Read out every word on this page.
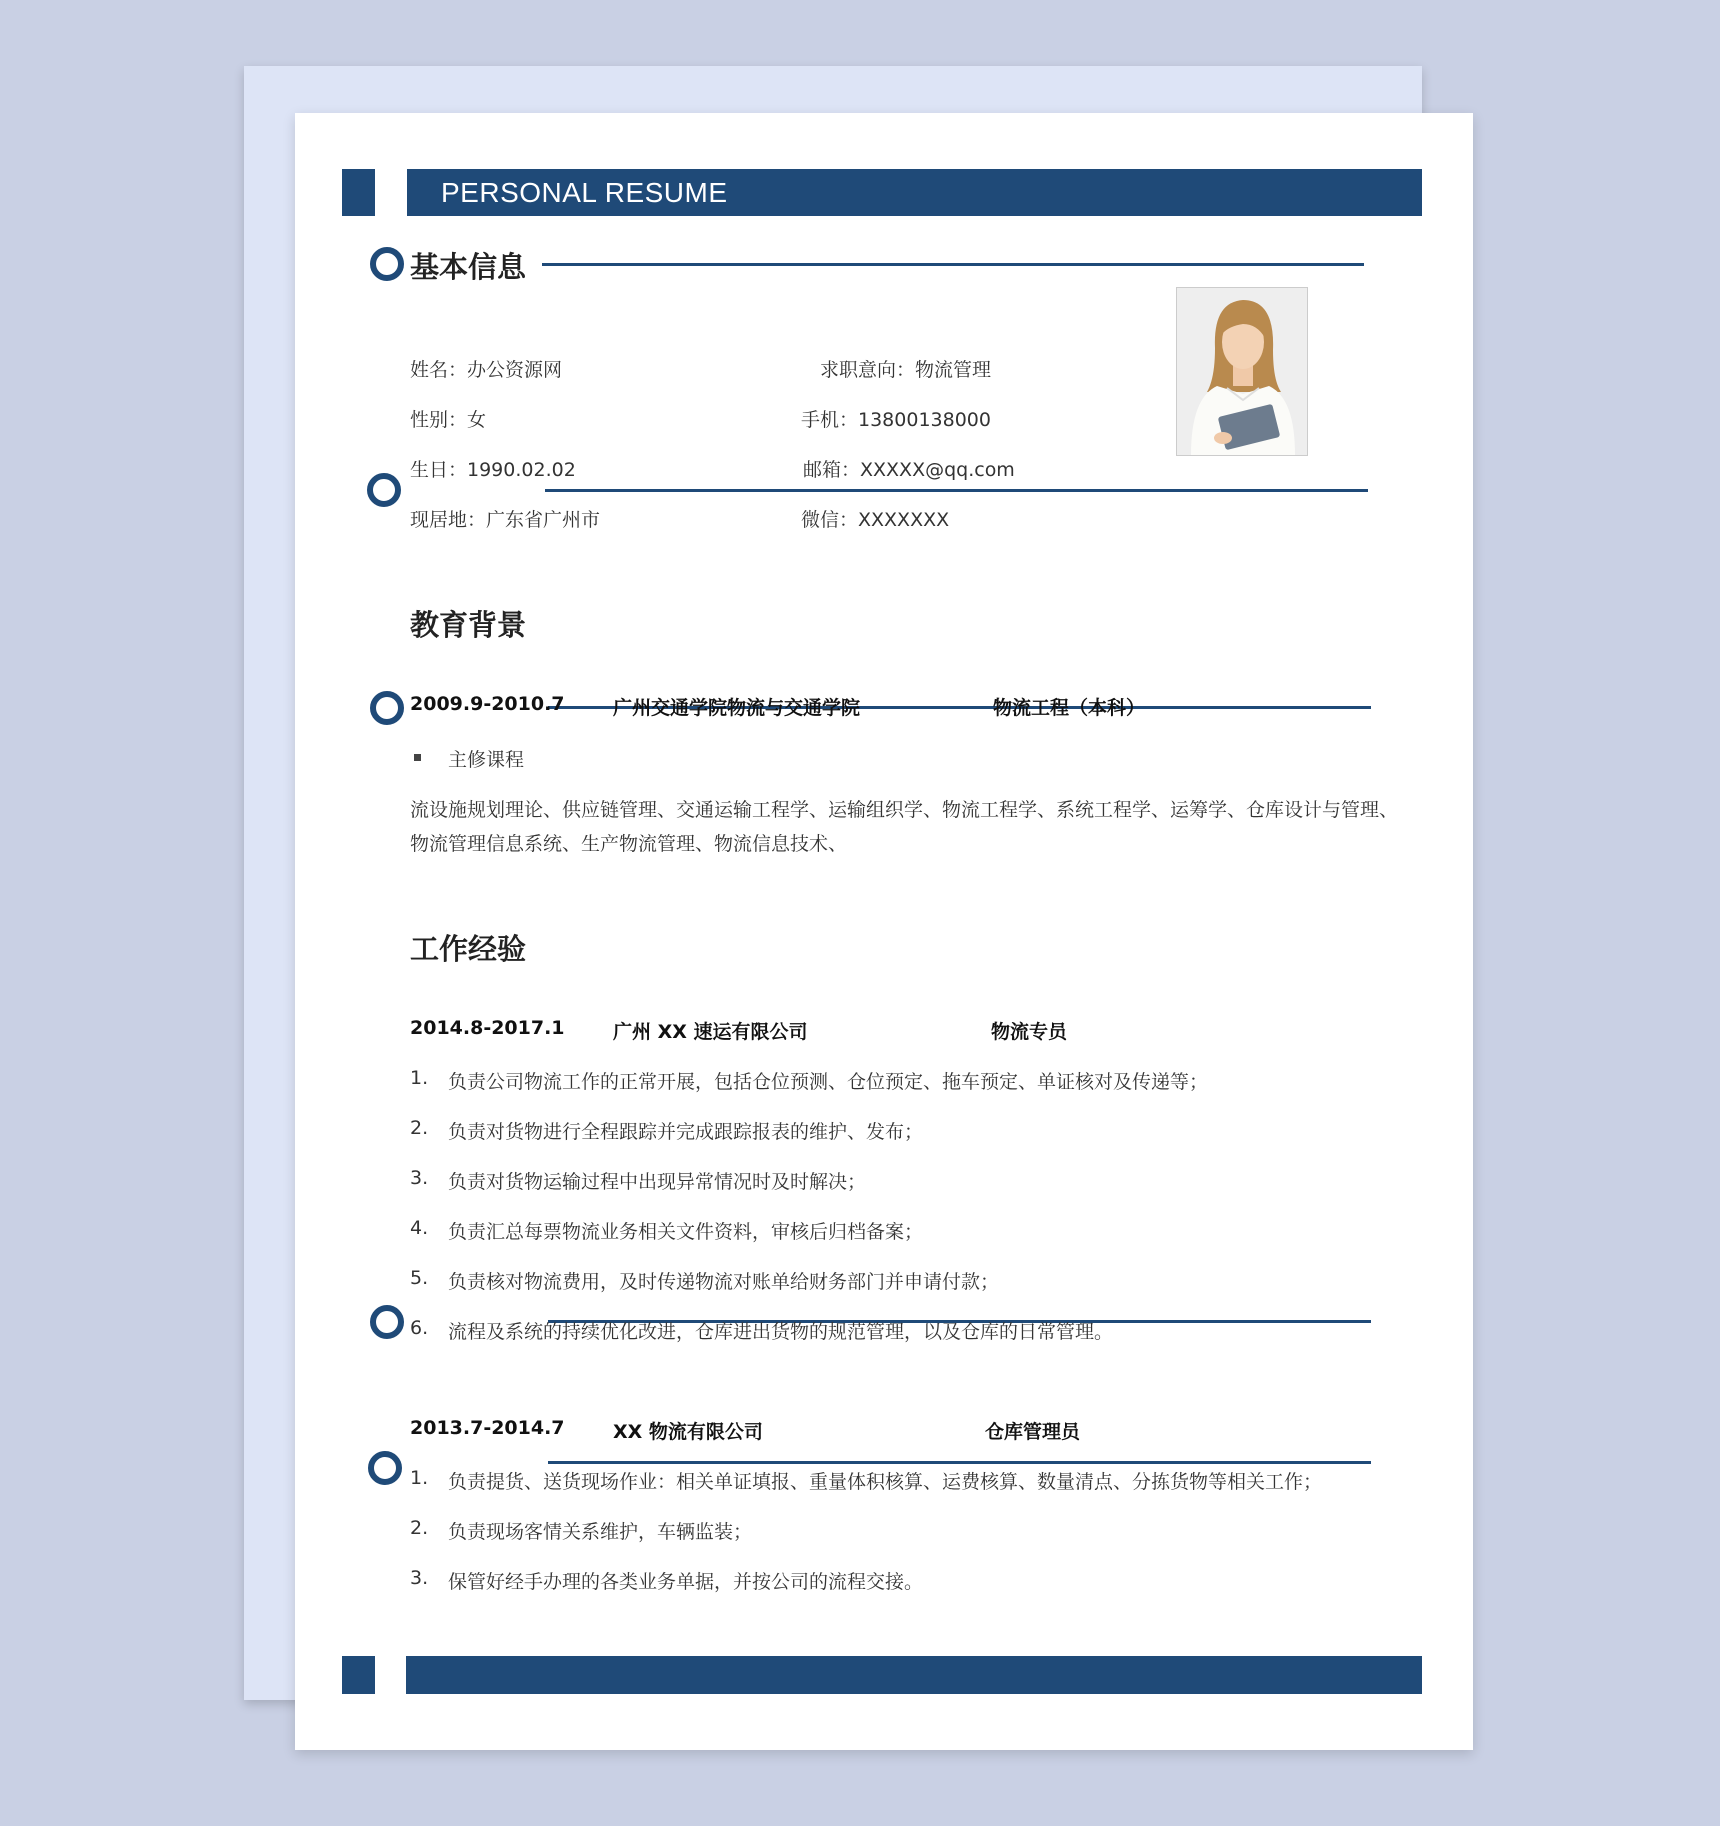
PERSONAL RESUME
基本信息
姓名：办公资源网	求职意向：物流管理
性别：女	手机：13800138000
生日：1990.02.02	邮箱：XXXXX@qq.com
现居地：广东省广州市	微信：XXXXXXX
教育背景
2009.9-2010.7	广州交通学院物流与交通学院	物流工程（本科）
主修课程
流设施规划理论、供应链管理、交通运输工程学、运输组织学、物流工程学、系统工程学、运筹学、仓库设计与管理、
物流管理信息系统、生产物流管理、物流信息技术、
工作经验
2014.8-2017.1	广州 XX 速运有限公司	物流专员
1. 负责公司物流工作的正常开展，包括仓位预测、仓位预定、拖车预定、单证核对及传递等；
2. 负责对货物进行全程跟踪并完成跟踪报表的维护、发布；
3. 负责对货物运输过程中出现异常情况时及时解决；
4. 负责汇总每票物流业务相关文件资料，审核后归档备案；
5. 负责核对物流费用，及时传递物流对账单给财务部门并申请付款；
6. 流程及系统的持续优化改进，仓库进出货物的规范管理，以及仓库的日常管理。
2013.7-2014.7	XX 物流有限公司	仓库管理员
1. 负责提货、送货现场作业：相关单证填报、重量体积核算、运费核算、数量清点、分拣货物等相关工作；
2. 负责现场客情关系维护，车辆监装；
3. 保管好经手办理的各类业务单据，并按公司的流程交接。
